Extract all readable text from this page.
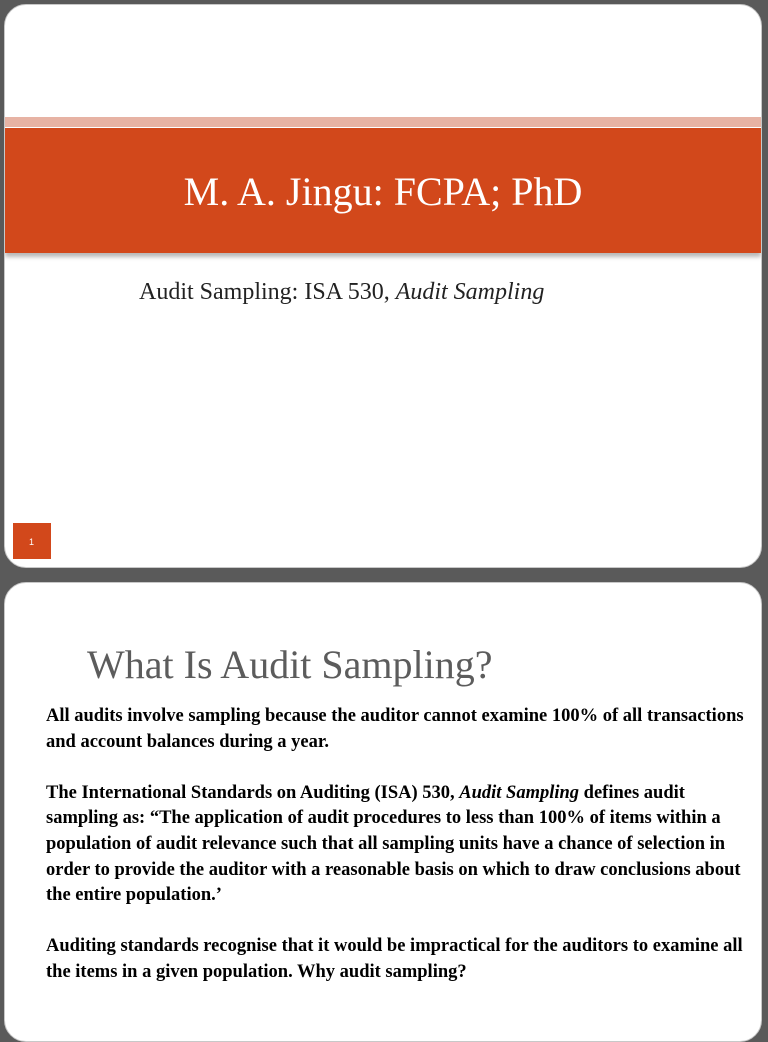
M. A. Jingu: FCPA; PhD
Audit Sampling: ISA 530, Audit Sampling
1
What Is Audit Sampling?

All audits involve sampling because the auditor cannot examine 100% of all transactions and account balances during a year.

The International Standards on Auditing (ISA) 530, Audit Sampling defines audit sampling as: “The application of audit procedures to less than 100% of items within a population of audit relevance such that all sampling units have a chance of selection in order to provide the auditor with a reasonable basis on which to draw conclusions about the entire population.’

Auditing standards recognise that it would be impractical for the auditors to examine all the items in a given population. Why audit sampling?
